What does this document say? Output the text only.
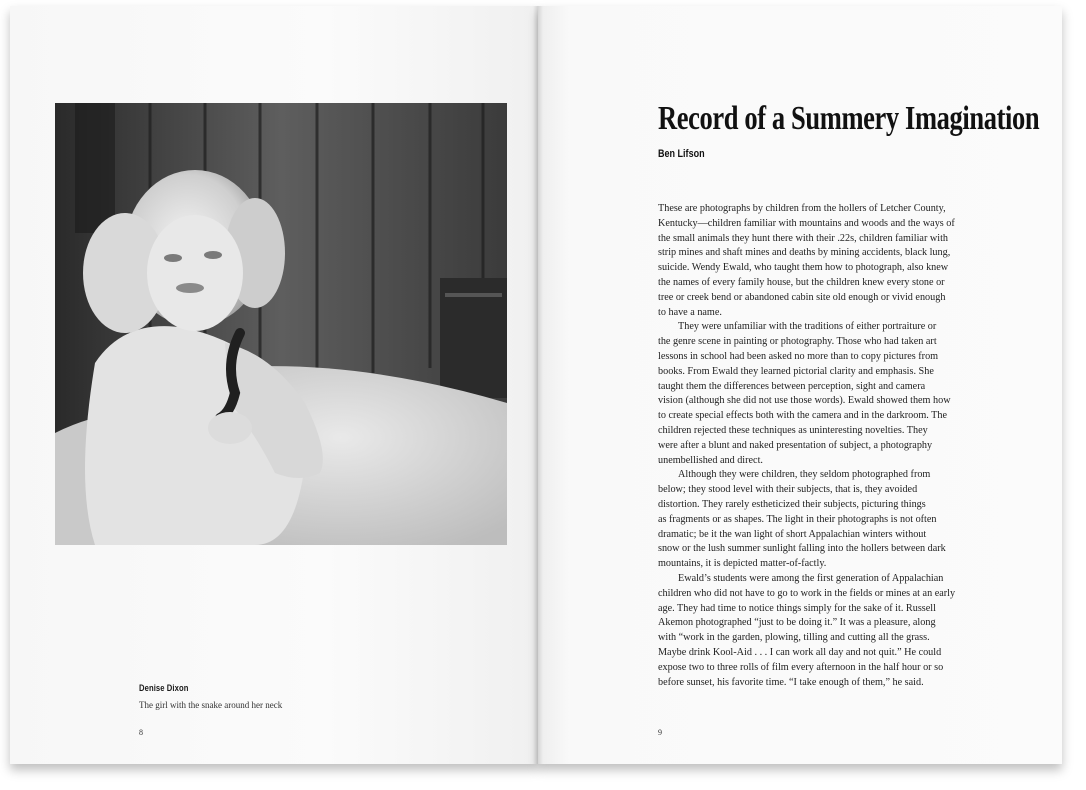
Denise Dixon
The girl with the snake around her neck
8
Record of a Summery Imagination
Ben Lifson
These are photographs by children from the hollers of Letcher County,
Kentucky—children familiar with mountains and woods and the ways of
the small animals they hunt there with their .22s, children familiar with
strip mines and shaft mines and deaths by mining accidents, black lung,
suicide. Wendy Ewald, who taught them how to photograph, also knew
the names of every family house, but the children knew every stone or
tree or creek bend or abandoned cabin site old enough or vivid enough
to have a name.
They were unfamiliar with the traditions of either portraiture or
the genre scene in painting or photography. Those who had taken art
lessons in school had been asked no more than to copy pictures from
books. From Ewald they learned pictorial clarity and emphasis. She
taught them the differences between perception, sight and camera
vision (although she did not use those words). Ewald showed them how
to create special effects both with the camera and in the darkroom. The
children rejected these techniques as uninteresting novelties. They
were after a blunt and naked presentation of subject, a photography
unembellished and direct.
Although they were children, they seldom photographed from
below; they stood level with their subjects, that is, they avoided
distortion. They rarely estheticized their subjects, picturing things
as fragments or as shapes. The light in their photographs is not often
dramatic; be it the wan light of short Appalachian winters without
snow or the lush summer sunlight falling into the hollers between dark
mountains, it is depicted matter-of-factly.
Ewald’s students were among the first generation of Appalachian
children who did not have to go to work in the fields or mines at an early
age. They had time to notice things simply for the sake of it. Russell
Akemon photographed “just to be doing it.” It was a pleasure, along
with “work in the garden, plowing, tilling and cutting all the grass.
Maybe drink Kool-Aid . . . I can work all day and not quit.” He could
expose two to three rolls of film every afternoon in the half hour or so
before sunset, his favorite time. “I take enough of them,” he said.
9
